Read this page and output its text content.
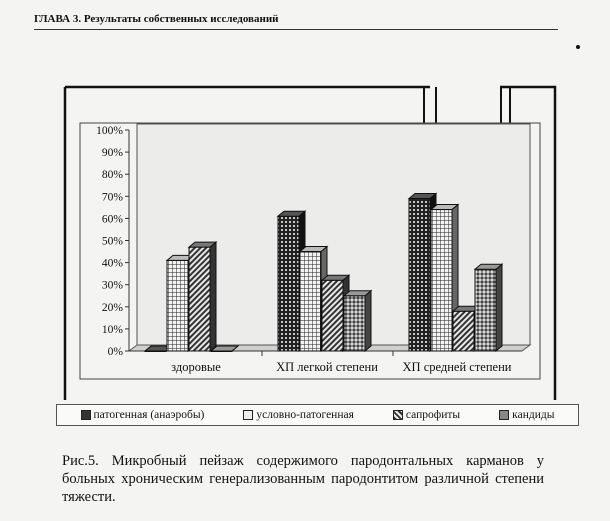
ГЛАВА 3. Результаты собственных исследований
0%
10%
20%
30%
40%
50%
60%
70%
80%
90%
100%
здоровые	ХП легкой степени ХП средней степени
патогенная (анаэробы)	условно-патогенная	сапрофиты	кандиды
Рис.5. Микробный пейзаж содержимого пародонтальных карманов у больных хроническим генерализованным пародонтитом различной степени тяжести.
